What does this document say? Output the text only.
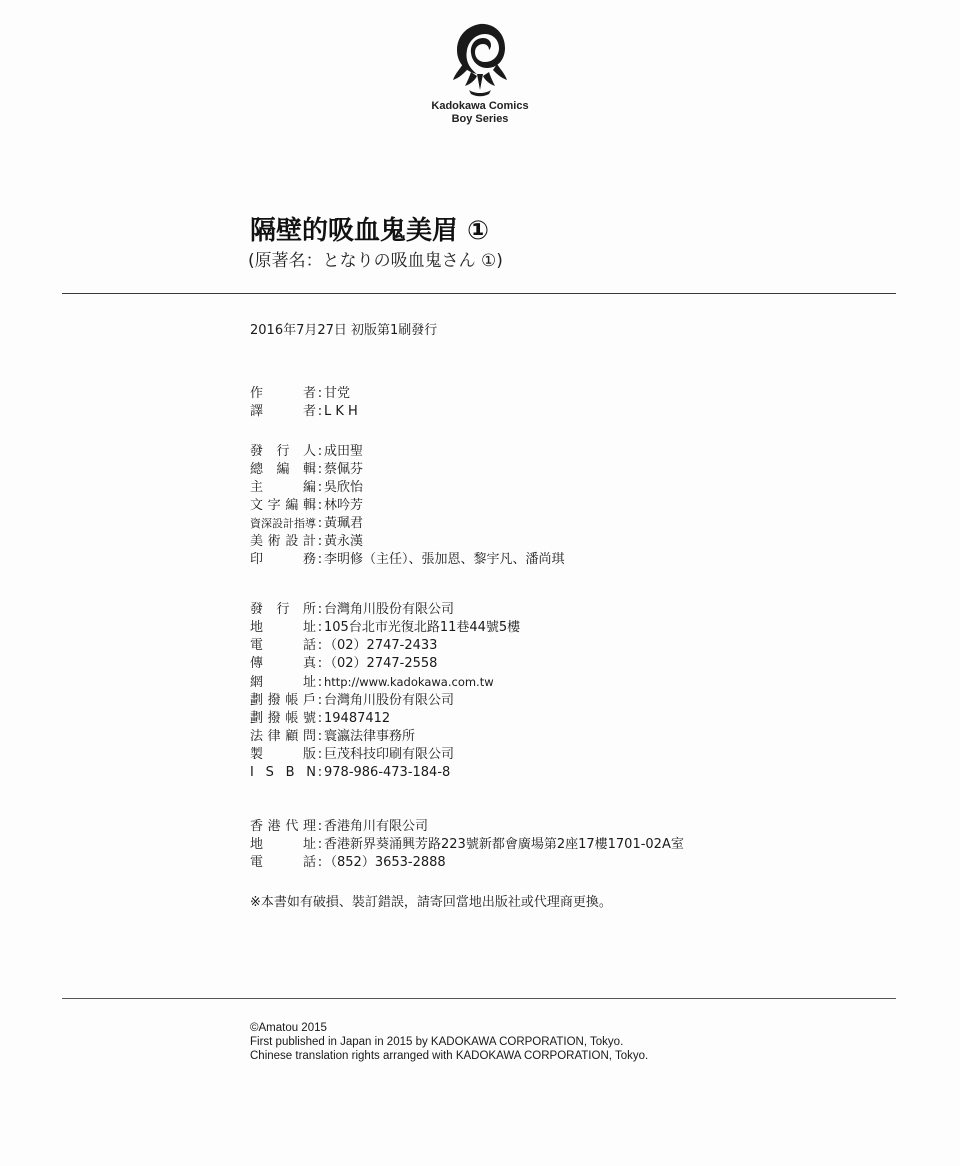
Kadokawa Comics
Boy Series
隔壁的吸血鬼美眉 ①
(原著名：となりの吸血鬼さん ①)
2016年7月27日 初版第1刷發行
作 者 : 甘党
譯 者 : L K H
發行人 : 成田聖
總編輯 : 蔡佩芬
主 編 : 吳欣怡
文字編輯 : 林吟芳
資深設計指導 : 黃珮君
美術設計 : 黃永漢
印 務 : 李明修（主任）、張加恩、黎宇凡、潘尚琪
發行所 : 台灣角川股份有限公司
地 址 : 105台北市光復北路11巷44號5樓
電 話 : （02）2747-2433
傳 真 : （02）2747-2558
網 址 : http://www.kadokawa.com.tw
劃撥帳戶 : 台灣角川股份有限公司
劃撥帳號 : 19487412
法律顧問 : 寰瀛法律事務所
製 版 : 巨茂科技印刷有限公司
I S B N : 978-986-473-184-8
香港代理 : 香港角川有限公司
地 址 : 香港新界葵涌興芳路223號新都會廣場第2座17樓1701-02A室
電 話 : （852）3653-2888
※本書如有破損、裝訂錯誤，請寄回當地出版社或代理商更換。
©Amatou 2015
First published in Japan in 2015 by KADOKAWA CORPORATION, Tokyo.
Chinese translation rights arranged with KADOKAWA CORPORATION, Tokyo.
